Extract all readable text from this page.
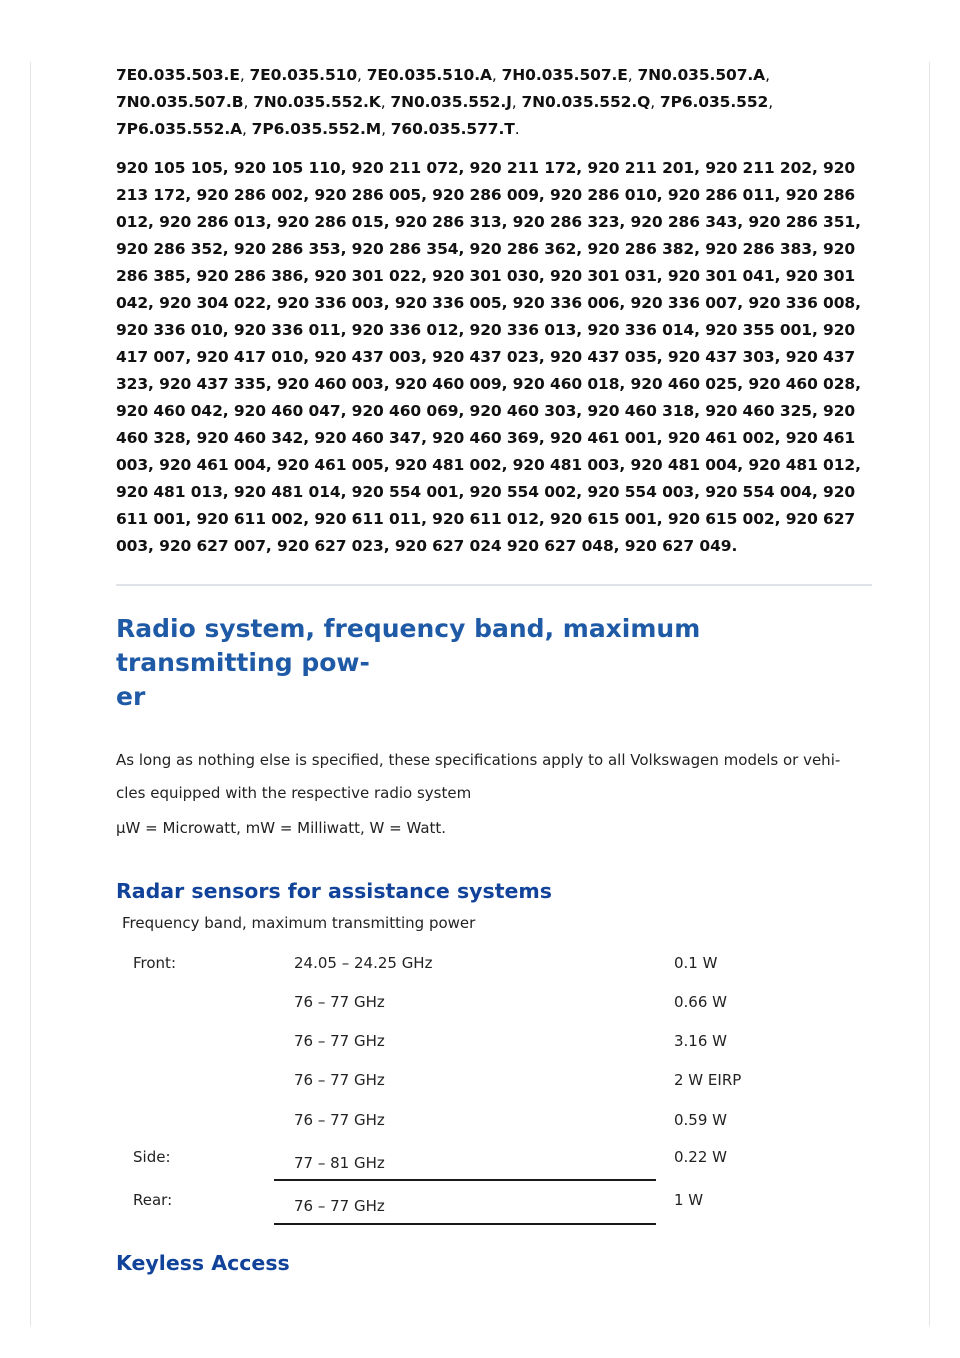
7E0.035.503.E, 7E0.035.510, 7E0.035.510.A, 7H0.035.507.E, 7N0.035.507.A,
7N0.035.507.B, 7N0.035.552.K, 7N0.035.552.J, 7N0.035.552.Q, 7P6.035.552,
7P6.035.552.A, 7P6.035.552.M, 760.035.577.T.

920 105 105, 920 105 110, 920 211 072, 920 211 172, 920 211 201, 920 211 202, 920 213 172, 920 286 002, 920 286 005, 920 286 009, 920 286 010, 920 286 011, 920 286 012, 920 286 013, 920 286 015, 920 286 313, 920 286 323, 920 286 343, 920 286 351, 920 286 352, 920 286 353, 920 286 354, 920 286 362, 920 286 382, 920 286 383, 920 286 385, 920 286 386, 920 301 022, 920 301 030, 920 301 031, 920 301 041, 920 301 042, 920 304 022, 920 336 003, 920 336 005, 920 336 006, 920 336 007, 920 336 008, 920 336 010, 920 336 011, 920 336 012, 920 336 013, 920 336 014, 920 355 001, 920 417 007, 920 417 010, 920 437 003, 920 437 023, 920 437 035, 920 437 303, 920 437 323, 920 437 335, 920 460 003, 920 460 009, 920 460 018, 920 460 025, 920 460 028, 920 460 042, 920 460 047, 920 460 069, 920 460 303, 920 460 318, 920 460 325, 920 460 328, 920 460 342, 920 460 347, 920 460 369, 920 461 001, 920 461 002, 920 461 003, 920 461 004, 920 461 005, 920 481 002, 920 481 003, 920 481 004, 920 481 012, 920 481 013, 920 481 014, 920 554 001, 920 554 002, 920 554 003, 920 554 004, 920 611 001, 920 611 002, 920 611 011, 920 611 012, 920 615 001, 920 615 002, 920 627 003, 920 627 007, 920 627 023, 920 627 024 920 627 048, 920 627 049.

Radio system, frequency band, maximum transmitting pow-
er

As long as nothing else is specified, these specifications apply to all Volkswagen models or vehi-

cles equipped with the respective radio system

µW = Microwatt, mW = Milliwatt, W = Watt.

Radar sensors for assistance systems

Frequency band, maximum transmitting power

Front:	24.05 – 24.25 GHz	0.1 W
76 – 77 GHz	0.66 W
76 – 77 GHz	3.16 W
76 – 77 GHz	2 W EIRP
76 – 77 GHz	0.59 W
Side:	77 – 81 GHz	0.22 W
Rear:	76 – 77 GHz	1 W
Keyless Access
